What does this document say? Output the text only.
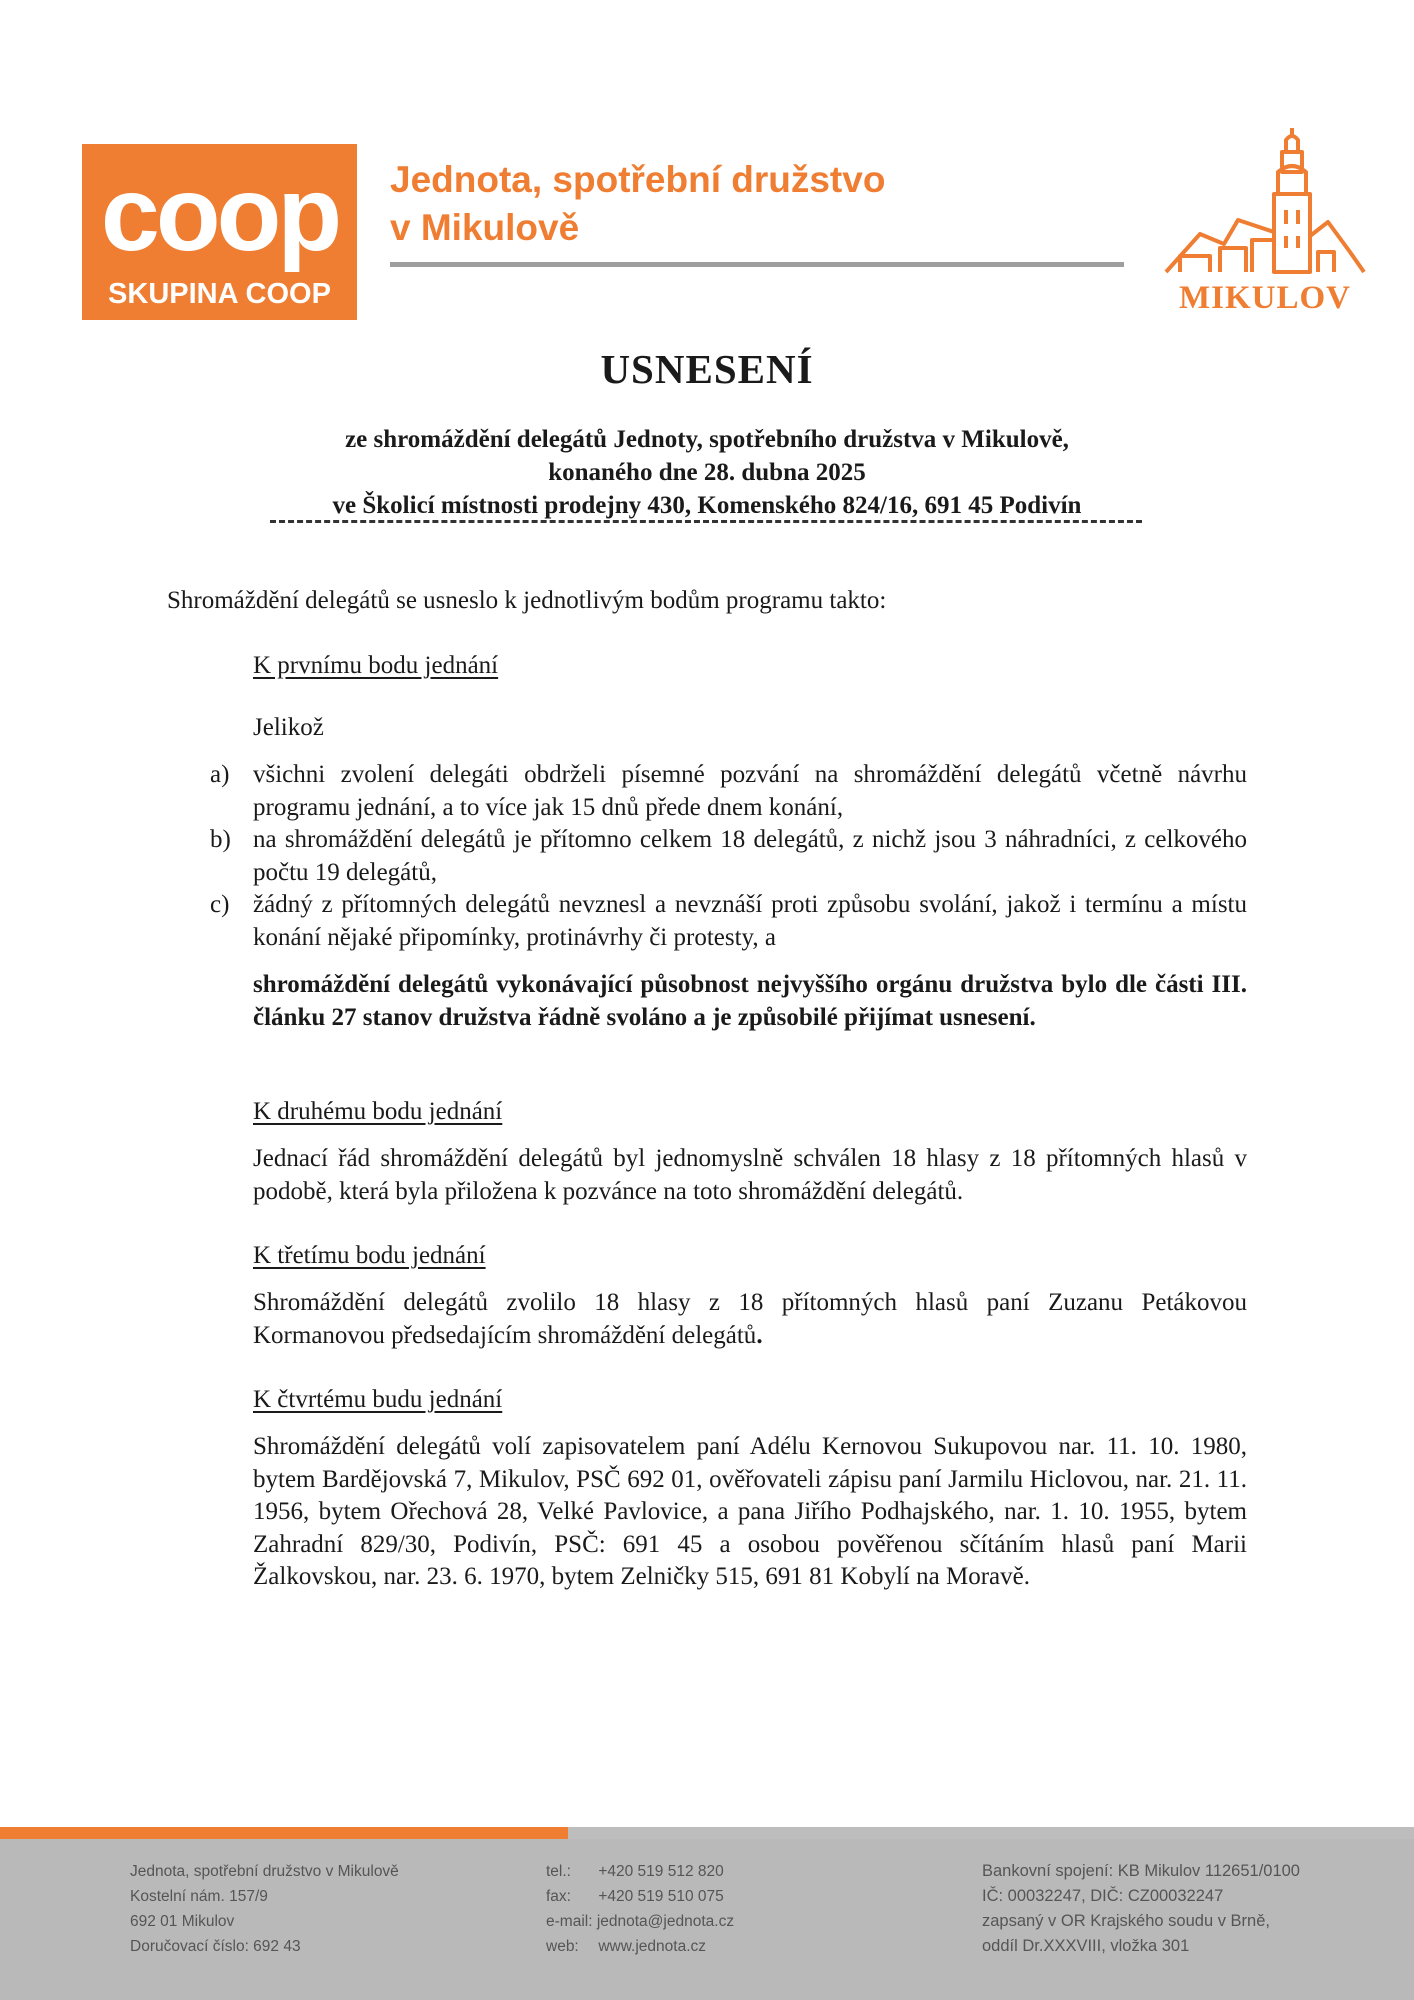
coop
SKUPINA COOP
Jednota, spotřební družstvo
v Mikulově
MIKULOV
USNESENÍ
ze shromáždění delegátů Jednoty, spotřebního družstva v Mikulově,
konaného dne 28. dubna 2025
ve Školicí místnosti prodejny 430, Komenského 824/16, 691 45 Podivín
Shromáždění delegátů se usneslo k jednotlivým bodům programu takto:
K prvnímu bodu jednání
Jelikož
a) všichni zvolení delegáti obdrželi písemné pozvání na shromáždění delegátů včetně návrhu programu jednání, a to více jak 15 dnů přede dnem konání,
b) na shromáždění delegátů je přítomno celkem 18 delegátů, z nichž jsou 3 náhradníci, z celkového počtu 19 delegátů,
c) žádný z přítomných delegátů nevznesl a nevznáší proti způsobu svolání, jakož i termínu a místu konání nějaké připomínky, protinávrhy či protesty, a
shromáždění delegátů vykonávající působnost nejvyššího orgánu družstva bylo dle části III. článku 27 stanov družstva řádně svoláno a je způsobilé přijímat usnesení.
K druhému bodu jednání
Jednací řád shromáždění delegátů byl jednomyslně schválen 18 hlasy z 18 přítomných hlasů v podobě, která byla přiložena k pozvánce na toto shromáždění delegátů.
K třetímu bodu jednání
Shromáždění delegátů zvolilo 18 hlasy z 18 přítomných hlasů paní Zuzanu Petákovou Kormanovou předsedajícím shromáždění delegátů.
K čtvrtému budu jednání
Shromáždění delegátů volí zapisovatelem paní Adélu Kernovou Sukupovou nar. 11. 10. 1980, bytem Bardějovská 7, Mikulov, PSČ 692 01, ověřovateli zápisu paní Jarmilu Hiclovou, nar. 21. 11. 1956, bytem Ořechová 28, Velké Pavlovice, a pana Jiřího Podhajského, nar. 1. 10. 1955, bytem Zahradní 829/30, Podivín, PSČ: 691 45 a osobou pověřenou sčítáním hlasů paní Marii Žalkovskou, nar. 23. 6. 1970, bytem Zelničky 515, 691 81 Kobylí na Moravě.
Jednota, spotřební družstvo v Mikulově
Kostelní nám. 157/9
692 01 Mikulov
Doručovací číslo: 692 43
tel.: +420 519 512 820
fax: +420 519 510 075
e-mail: jednota@jednota.cz
web: www.jednota.cz
Bankovní spojení: KB Mikulov 112651/0100
IČ: 00032247, DIČ: CZ00032247
zapsaný v OR Krajského soudu v Brně,
oddíl Dr.XXXVIII, vložka 301
